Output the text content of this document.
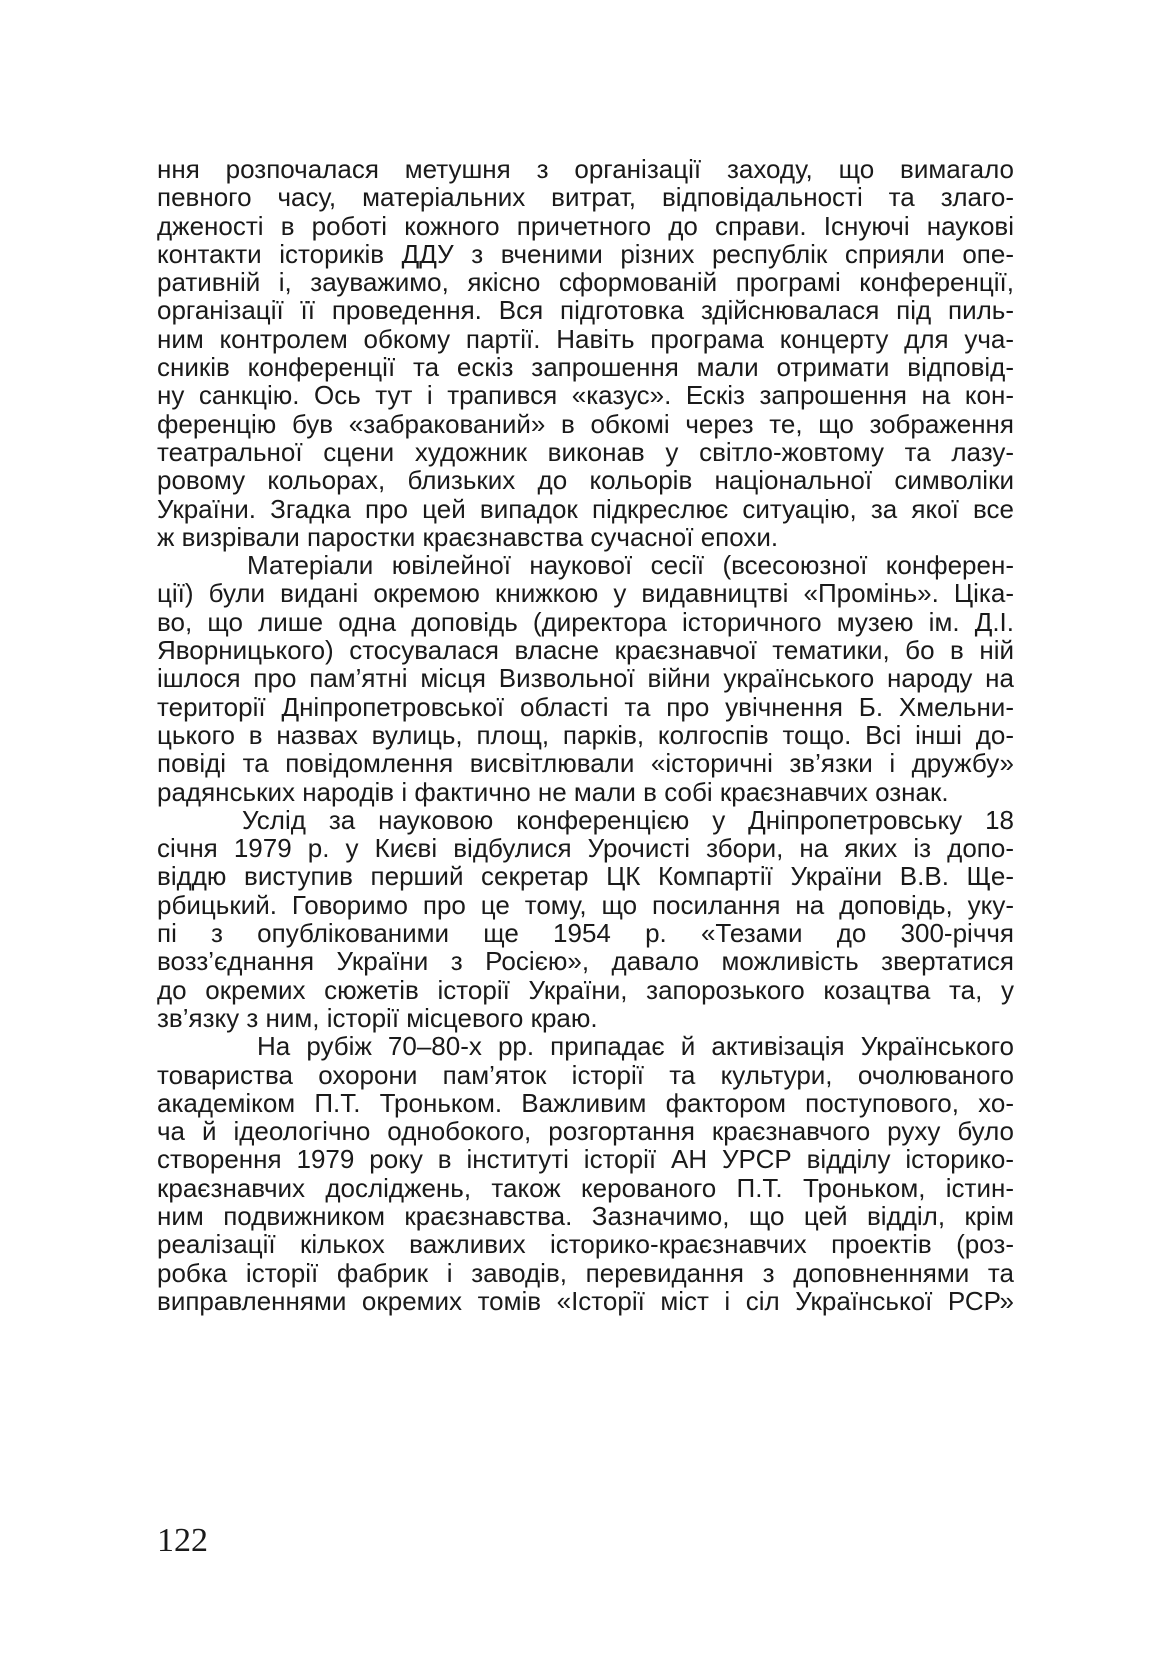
ння розпочалася метушня з організації заходу, що вимагало
певного часу, матеріальних витрат, відповідальності та злаго-
дженості в роботі кожного причетного до справи. Існуючі наукові
контакти істориків ДДУ з вченими різних республік сприяли опе-
ративній і, зауважимо, якісно сформованій програмі конференції,
організації її проведення. Вся підготовка здійснювалася під пиль-
ним контролем обкому партії. Навіть програма концерту для уча-
сників конференції та ескіз запрошення мали отримати відповід-
ну санкцію. Ось тут і трапився «казус». Ескіз запрошення на кон-
ференцію був «забракований» в обкомі через те, що зображення
театральної сцени художник виконав у світло-жовтому та лазу-
ровому кольорах, близьких до кольорів національної символіки
України. Згадка про цей випадок підкреслює ситуацію, за якої все
ж визрівали паростки краєзнавства сучасної епохи.

Матеріали ювілейної наукової сесії (всесоюзної конферен-
ції) були видані окремою книжкою у видавництві «Промінь». Ціка-
во, що лише одна доповідь (директора історичного музею ім. Д.І.
Яворницького) стосувалася власне краєзнавчої тематики, бо в ній
ішлося про пам’ятні місця Визвольної війни українського народу на
території Дніпропетровської області та про увічнення Б. Хмельни-
цького в назвах вулиць, площ, парків, колгоспів тощо. Всі інші до-
повіді та повідомлення висвітлювали «історичні зв’язки і дружбу»
радянських народів і фактично не мали в собі краєзнавчих ознак.

Услід за науковою конференцією у Дніпропетровську 18
січня 1979 р. у Києві відбулися Урочисті збори, на яких із допо-
віддю виступив перший секретар ЦК Компартії України В.В. Ще-
рбицький. Говоримо про це тому, що посилання на доповідь, уку-
пі з опублікованими ще 1954 р. «Тезами до 300-річчя
возз’єднання України з Росією», давало можливість звертатися
до окремих сюжетів історії України, запорозького козацтва та, у
зв’язку з ним, історії місцевого краю.

На рубіж 70–80-х рр. припадає й активізація Українського
товариства охорони пам’яток історії та культури, очолюваного
академіком П.Т. Троньком. Важливим фактором поступового, хо-
ча й ідеологічно однобокого, розгортання краєзнавчого руху було
створення 1979 року в інституті історії АН УРСР відділу історико-
краєзнавчих досліджень, також керованого П.Т. Троньком, істин-
ним подвижником краєзнавства. Зазначимо, що цей відділ, крім
реалізації кількох важливих історико-краєзнавчих проектів (роз-
робка історії фабрик і заводів, перевидання з доповненнями та
виправленнями окремих томів «Історії міст і сіл Української РСР»

122
